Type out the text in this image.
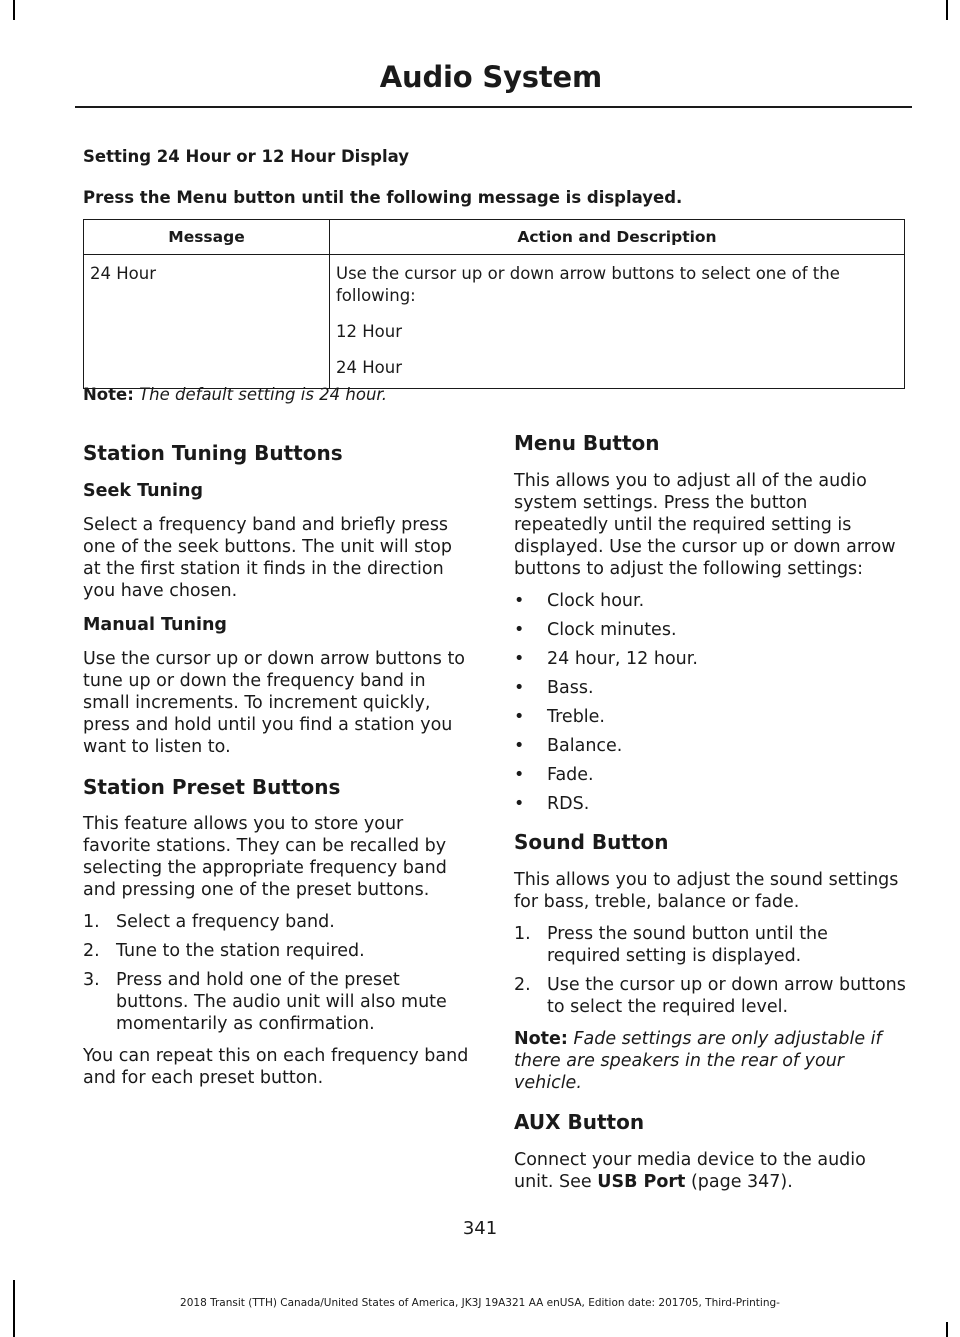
Audio System
Setting 24 Hour or 12 Hour Display
Press the Menu button until the following message is displayed.
Message	Action and Description
24 Hour	Use the cursor up or down arrow buttons to select one of the following:

12 Hour

24 Hour

Note: The default setting is 24 hour.
Station Tuning Buttons
Seek Tuning

Select a frequency band and briefly press one of the seek buttons. The unit will stop at the first station it finds in the direction you have chosen.

Manual Tuning

Use the cursor up or down arrow buttons to tune up or down the frequency band in small increments. To increment quickly, press and hold until you find a station you want to listen to.

Station Preset Buttons

This feature allows you to store your favorite stations. They can be recalled by selecting the appropriate frequency band and pressing one of the preset buttons.

1. Select a frequency band.
2. Tune to the station required.
3. Press and hold one of the preset buttons. The audio unit will also mute momentarily as confirmation.

You can repeat this on each frequency band and for each preset button.

Menu Button

This allows you to adjust all of the audio system settings. Press the button repeatedly until the required setting is displayed. Use the cursor up or down arrow buttons to adjust the following settings:

• Clock hour.
• Clock minutes.
• 24 hour, 12 hour.
• Bass.
• Treble.
• Balance.
• Fade.
• RDS.
Sound Button

This allows you to adjust the sound settings for bass, treble, balance or fade.

1. Press the sound button until the required setting is displayed.
2. Use the cursor up or down arrow buttons to select the required level.

Note: Fade settings are only adjustable if there are speakers in the rear of your vehicle.

AUX Button

Connect your media device to the audio unit. See USB Port (page 347).

341
2018 Transit (TTH) Canada/United States of America, JK3J 19A321 AA enUSA, Edition date: 201705, Third-Printing-
